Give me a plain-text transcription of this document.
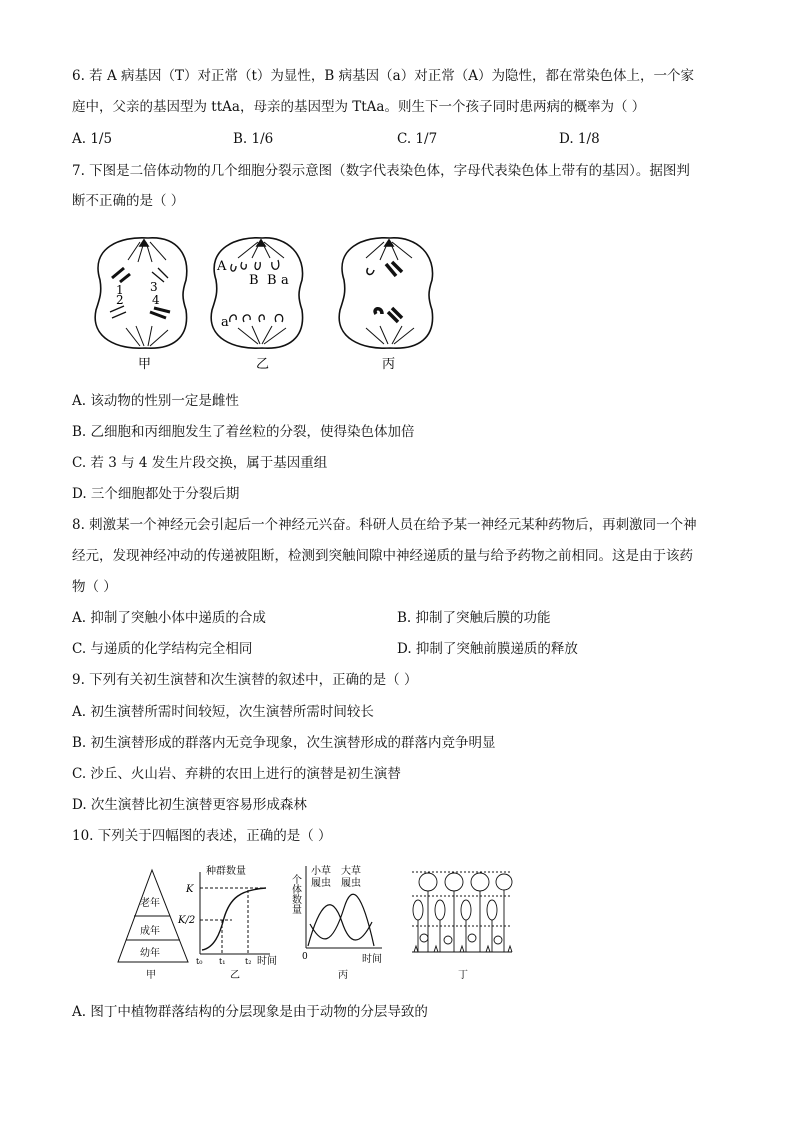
6. 若 A 病基因（T）对正常（t）为显性，B 病基因（a）对正常（A）为隐性，都在常染色体上，一个家
庭中，父亲的基因型为 ttAa，母亲的基因型为 TtAa。则生下一个孩子同时患两病的概率为（ ）
A. 1/5	B. 1/6	C. 1/7	D. 1/8
7. 下图是二倍体动物的几个细胞分裂示意图（数字代表染色体，字母代表染色体上带有的基因）。据图判
断不正确的是（ ）
1
2
3
4
甲
A
B B a
a
乙	丙
A. 该动物的性别一定是雌性
B. 乙细胞和丙细胞发生了着丝粒的分裂，使得染色体加倍
C. 若 3 与 4 发生片段交换，属于基因重组
D. 三个细胞都处于分裂后期
8. 刺激某一个神经元会引起后一个神经元兴奋。科研人员在给予某一神经元某种药物后，再刺激同一个神
经元，发现神经冲动的传递被阻断，检测到突触间隙中神经递质的量与给予药物之前相同。这是由于该药
物（ ）
A. 抑制了突触小体中递质的合成	B. 抑制了突触后膜的功能
C. 与递质的化学结构完全相同	D. 抑制了突触前膜递质的释放
9. 下列有关初生演替和次生演替的叙述中，正确的是（ ）
A. 初生演替所需时间较短，次生演替所需时间较长
B. 初生演替形成的群落内无竞争现象，次生演替形成的群落内竞争明显
C. 沙丘、火山岩、弃耕的农田上进行的演替是初生演替
D. 次生演替比初生演替更容易形成森林
10. 下列关于四幅图的表述，正确的是（ ）
老年
成年
幼年
甲
种群数量
K
K/2
t₀ t₁ t₂ 时间
乙
个体数量
小草
履虫
大草
履虫
0	时间
丙	丁
A. 图丁中植物群落结构的分层现象是由于动物的分层导致的
